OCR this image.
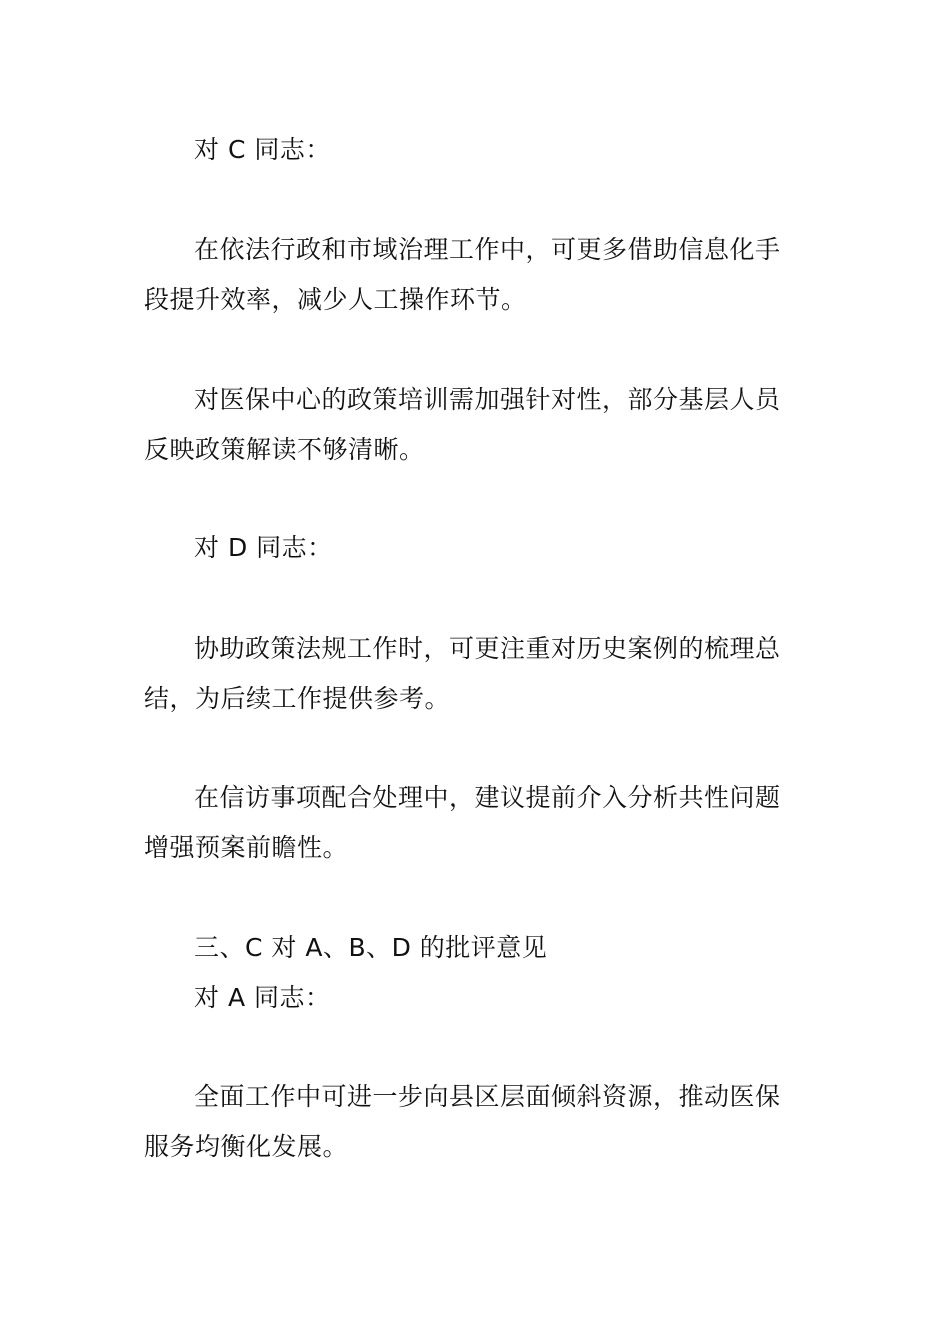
对 C 同志：
在依法行政和市域治理工作中，可更多借助信息化手
段提升效率，减少人工操作环节。
对医保中心的政策培训需加强针对性，部分基层人员
反映政策解读不够清晰。
对 D 同志：
协助政策法规工作时，可更注重对历史案例的梳理总
结，为后续工作提供参考。
在信访事项配合处理中，建议提前介入分析共性问题
增强预案前瞻性。
三、C 对 A、B、D 的批评意见
对 A 同志：
全面工作中可进一步向县区层面倾斜资源，推动医保
服务均衡化发展。
